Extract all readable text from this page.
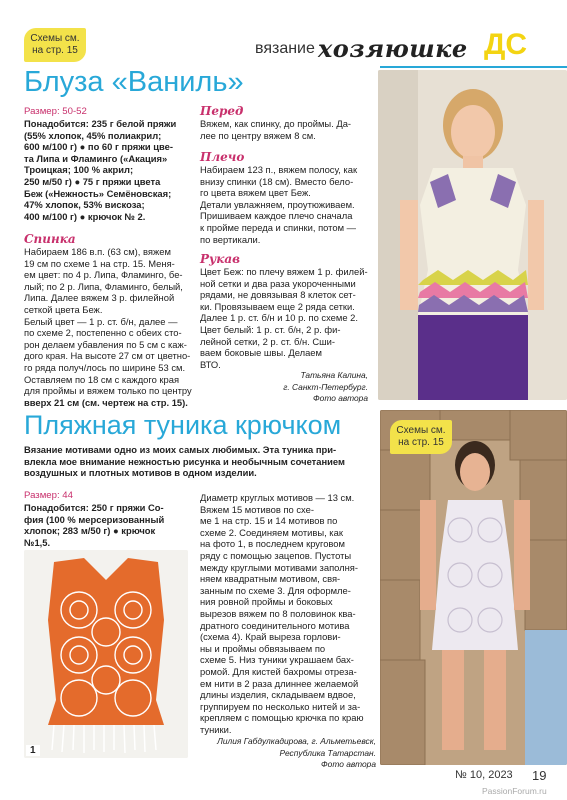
Схемы см.
на стр. 15	вязание хозяюшке ДС
Блуза «Ваниль»
Размер: 50-52
Понадобится: 235 г белой пряжи
(55% хлопок, 45% полиакрил;
600 м/100 г) ● по 60 г пряжи цве-
та Липа и Фламинго («Акация»
Троицкая; 100 % акрил;
250 м/50 г) ● 75 г пряжи цвета
Беж («Нежность» Семёновская;
47% хлопок, 53% вискоза;
400 м/100 г) ● крючок № 2.
Спинка
Набираем 186 в.п. (63 см), вяжем
19 см по схеме 1 на стр. 15. Меня-
ем цвет: по 4 р. Липа, Фламинго, бе-
лый; по 2 р. Липа, Фламинго, белый,
Липа. Далее вяжем 3 р. филейной
сеткой цвета Беж.
Белый цвет — 1 р. ст. б/н, далее —
по схеме 2, постепенно с обеих сто-
рон делаем убавления по 5 см с каж-
дого края. На высоте 27 см от цветно-
го ряда получ/лось по ширине 53 см.
Оставляем по 18 см с каждого края
для проймы и вяжем только по центру
вверх 21 см (см. чертеж на стр. 15).
Перед
Вяжем, как спинку, до проймы. Да-
лее по центру вяжем 8 см.
Плечо
Набираем 123 п., вяжем полосу, как
внизу спинки (18 см). Вместо бело-
го цвета вяжем цвет Беж.
Детали увлажняем, проутюживаем.
Пришиваем каждое плечо сначала
к пройме переда и спинки, потом —
по вертикали.
Рукав
Цвет Беж: по плечу вяжем 1 р. филей-
ной сетки и два раза укороченными
рядами, не довязывая 8 клеток сет-
ки. Провязываем еще 2 ряда сетки.
Далее 1 р. ст. б/н и 10 р. по схеме 2.
Цвет белый: 1 р. ст. б/н, 2 р. фи-
лейной сетки, 2 р. ст. б/н. Сши-
ваем боковые швы. Делаем
ВТО.
Татьяна Калина,
г. Санкт-Петербург.
Фото автора
Пляжная туника крючком
Вязание мотивами одно из моих самых любимых. Эта туника при-
влекла мое внимание нежностью рисунка и необычным сочетанием
воздушных и плотных мотивов в одном изделии.
Размер: 44
Понадобится: 250 г пряжи Со-
фия (100 % мерсеризованный
хлопок; 283 м/50 г) ● крючок
№1,5.
1
Диаметр круглых мотивов — 13 см.
Вяжем 15 мотивов по схе-
ме 1 на стр. 15 и 14 мотивов по
схеме 2. Соединяем мотивы, как
на фото 1, в последнем круговом
ряду с помощью зацепов. Пустоты
между круглыми мотивами заполня-
няем квадратным мотивом, свя-
занным по схеме 3. Для оформле-
ния ровной проймы и боковых
вырезов вяжем по 8 половинок ква-
дратного соединительного мотива
(схема 4). Край выреза горлови-
ны и проймы обвязываем по
схеме 5. Низ туники украшаем бах-
ромой. Для кистей бахромы отреза-
ем нити в 2 раза длиннее желаемой
длины изделия, складываем вдвое,
группируем по несколько нитей и за-
крепляем с помощью крючка по краю
туники.
Лилия Габдулкадирова, г. Альметьевск,
Республика Татарстан.
Фото автора
Схемы см.
на стр. 15
№ 10, 2023 19
PassionForum.ru
